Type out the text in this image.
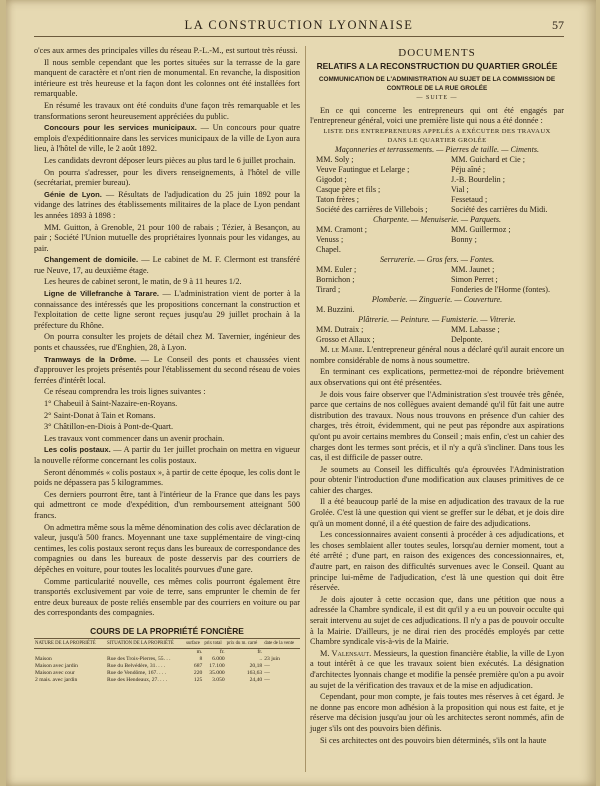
LA CONSTRUCTION LYONNAISE	57

o'ces aux armes des principales villes du réseau P.-L.-M., est surtout très réussi.

Il nous semble cependant que les portes situées sur la terrasse de la gare manquent de caractère et n'ont rien de monumental. En revanche, la disposition intérieure est très heureuse et la façon dont les colonnes ont été installées fort remarquable.

En résumé les travaux ont été conduits d'une façon très remarquable et les transformations seront heureusement appréciées du public.

Concours pour les services municipaux. — Un concours pour quatre emplois d'expéditionnaire dans les services municipaux de la ville de Lyon aura lieu, à l'hôtel de ville, le 2 août 1892.

Les candidats devront déposer leurs pièces au plus tard le 6 juillet prochain.

On pourra s'adresser, pour les divers renseignements, à l'hôtel de ville (secrétariat, premier bureau).

Génie de Lyon. — Résultats de l'adjudication du 25 juin 1892 pour la vidange des latrines des établissements militaires de la place de Lyon pendant les années 1893 à 1898 :

MM. Guitton, à Grenoble, 21 pour 100 de rabais ; Tézier, à Besançon, au pair ; Société l'Union mutuelle des propriétaires lyonnais pour les vidanges, au pair.

Changement de domicile. — Le cabinet de M. F. Clermont est transféré rue Neuve, 17, au deuxième étage.

Les heures de cabinet seront, le matin, de 9 à 11 heures 1/2.

Ligne de Villefranche à Tarare. — L'administration vient de porter à la connaissance des intéressés que les propositions concernant la construction et l'exploitation de cette ligne seront reçues jusqu'au 29 juillet prochain à la préfecture du Rhône.

On pourra consulter les projets de détail chez M. Tavernier, ingénieur des ponts et chaussées, rue d'Enghien, 28, à Lyon.

Tramways de la Drôme. — Le Conseil des ponts et chaussées vient d'approuver les projets présentés pour l'établissement du second réseau de voies ferrées d'intérêt local.

Ce réseau comprendra les trois lignes suivantes :

1° Chabeuil à Saint-Nazaire-en-Royans.

2° Saint-Donat à Tain et Romans.

3° Châtillon-en-Diois à Pont-de-Quart.

Les travaux vont commencer dans un avenir prochain.

Les colis postaux. — A partir du 1er juillet prochain on mettra en vigueur la nouvelle réforme concernant les colis postaux.

Seront dénommés « colis postaux », à partir de cette époque, les colis dont le poids ne dépassera pas 5 kilogrammes.

Ces derniers pourront être, tant à l'intérieur de la France que dans les pays qui admettront ce mode d'expédition, d'un remboursement atteignant 500 francs.

On admettra même sous la même dénomination des colis avec déclaration de valeur, jusqu'à 500 francs. Moyennant une taxe supplémentaire de vingt-cinq centimes, les colis postaux seront reçus dans les bureaux de correspondance des compagnies ou dans les bureaux de poste desservis par des courriers de dépêches en voiture, pour toutes les localités pourvues d'une gare.

Comme particularité nouvelle, ces mêmes colis pourront également être transportés exclusivement par voie de terre, sans emprunter le chemin de fer entre deux bureaux de poste reliés ensemble par des courriers en voiture ou par des correspondants des compagnies.

COURS DE LA PROPRIÉTÉ FONCIÈRE
NATURE DE LA PROPRIÉTÉ	SITUATION DE LA PROPRIÉTÉ	surface	prix total	prix du m. carré	date de la vente
		m.	fr.	fr.	
Maison	Rue des Trois-Pierres, 55. . .	8	6.000	..	23 juin
Maison avec jardin	Rue du Belvédère, 31. . . .	687	17.100	20,18	—
Maison avec cour	Rue de Vendôme, 167. . . .	220	35.000	163,63	—
2 mais. avec jardin	Rue des Hendeaux, 27. . . .	125	3.050	24,40	—
DOCUMENTS
RELATIFS A LA RECONSTRUCTION DU QUARTIER GROLÉE
COMMUNICATION DE L'ADMINISTRATION AU SUJET DE LA COMMISSION DE CONTROLE DE LA RUE GROLÉE
— SUITE —

En ce qui concerne les entrepreneurs qui ont été engagés par l'entrepreneur général, voici une première liste qui nous a été donnée :

LISTE DES ENTREPRENEURS APPELÉS A EXÉCUTER DES TRAVAUX
DANS LE QUARTIER GROLÉE
Maçonneries et terrassements. — Pierres de taille. — Ciments.
MM. Soly ;	MM. Guichard et Cie ;
Veuve Fautingue et Lelarge ;	Péju aîné ;
Gigodot ;	J.-B. Bourdelin ;
Casque père et fils ;	Vial ;
Taton frères ;	Fessetaud ;
Société des carrières de Villebois ;	Société des carrières du Midi.
Charpente. — Menuiserie. — Parquets.
MM. Cramont ;	MM. Guillermoz ;
Venuss ;	Bonny ;
Chapel.
Serrurerie. — Gros fers. — Fontes.
MM. Euler ;	MM. Jaunet ;
Bornichon ;	Simon Perret ;
Tirard ;	Fonderies de l'Horme (fontes).
Plomberie. — Zinguerie. — Couverture.
M. Buzzini.
Plâtrerie. — Peinture. — Fumisterie. — Vitrerie.
MM. Dutraix ;	MM. Labasse ;
Grosso et Allaux ;	Delponte.

M. le Maire. L'entrepreneur général nous a déclaré qu'il aurait encore un nombre considérable de noms à nous soumettre.

En terminant ces explications, permettez-moi de répondre brièvement aux observations qui ont été présentées.

Je dois vous faire observer que l'Administration s'est trouvée très gênée, parce que certains de nos collègues avaient demandé qu'il fût fait une autre distribution des travaux. Nous nous trouvons en présence d'un cahier des charges, très étroit, évidemment, qui ne peut pas répondre aux aspirations qu'ont pu avoir certains membres du Conseil ; mais enfin, c'est un cahier des charges dont les termes sont précis, et il n'y a qu'à s'incliner. Dans tous les cas, il est difficile de passer outre.

Je soumets au Conseil les difficultés qu'a éprouvées l'Administration pour obtenir l'introduction d'une modification aux clauses primitives de ce cahier des charges.

Il a été beaucoup parlé de la mise en adjudication des travaux de la rue Grolée. C'est là une question qui vient se greffer sur le débat, et je dois dire qu'à un moment donné, il a été question de faire des adjudications.

Les concessionnaires avaient consenti à procéder à ces adjudications, et les choses semblaient aller toutes seules, lorsqu'au dernier moment, tout a été arrêté ; d'une part, en raison des exigences des concessionnaires, et, d'autre part, en raison des difficultés survenues avec le Conseil. Quant au principe lui-même de l'adjudication, c'est là une question qui doit être réservée.

Je dois ajouter à cette occasion que, dans une pétition que nous a adressée la Chambre syndicale, il est dit qu'il y a eu un pouvoir occulte qui serait intervenu au sujet de ces adjudications. Il n'y a pas de pouvoir occulte à la Mairie. D'ailleurs, je ne dirai rien des procédés employés par cette Chambre syndicale vis-à-vis de la Mairie.

M. Valensaut. Messieurs, la question financière établie, la ville de Lyon a tout intérêt à ce que les travaux soient bien exécutés. La désignation d'architectes lyonnais change et modifie la pensée première qu'on a pu avoir au sujet de la vérification des travaux et de la mise en adjudication.

Cependant, pour mon compte, je fais toutes mes réserves à cet égard. Je ne donne pas encore mon adhésion à la proposition qui nous est faite, et je réserve ma décision jusqu'au jour où les architectes seront nommés, afin de juger s'ils ont des pouvoirs bien définis.

Si ces architectes ont des pouvoirs bien déterminés, s'ils ont la haute
